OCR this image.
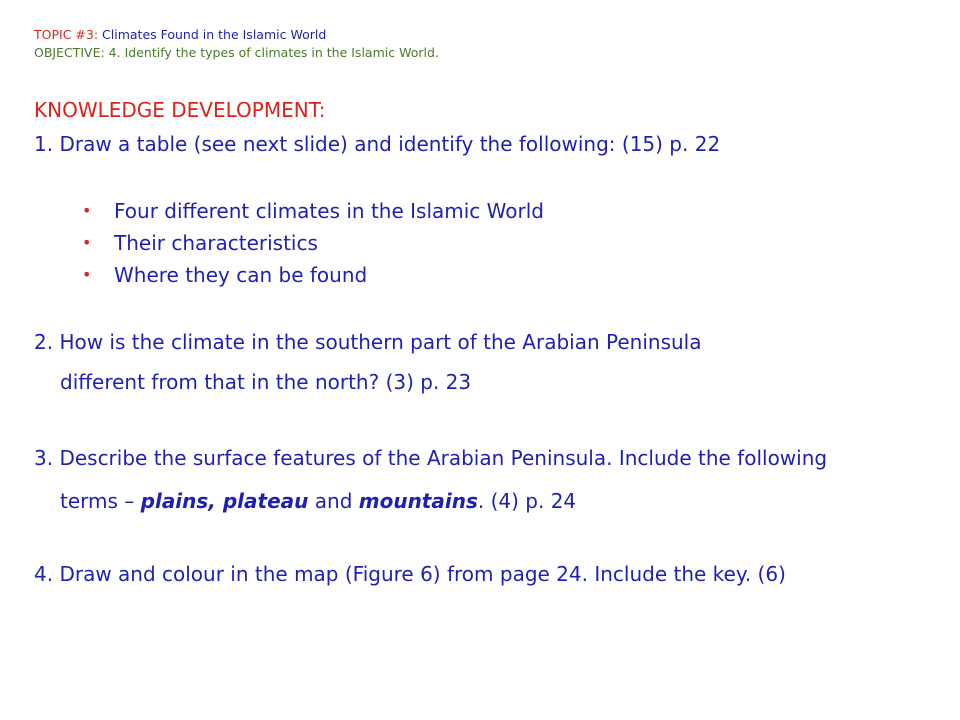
TOPIC #3: Climates Found in the Islamic World
OBJECTIVE: 4. Identify the types of climates in the Islamic World.
KNOWLEDGE DEVELOPMENT:
1. Draw a table (see next slide) and identify the following: (15) p. 22
• Four different climates in the Islamic World
• Their characteristics
• Where they can be found
2. How is the climate in the southern part of the Arabian Peninsula
different from that in the north? (3) p. 23
3. Describe the surface features of the Arabian Peninsula. Include the following
terms – plains, plateau and mountains. (4) p. 24
4. Draw and colour in the map (Figure 6) from page 24. Include the key. (6)
